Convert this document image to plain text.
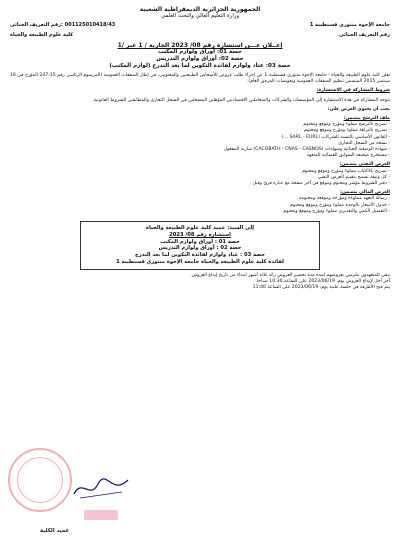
الجمهورية الجزائرية الديمقراطية الشعبية
وزارة التعليم العالي والبحث العلمي
جامعة الإخوة منتوري قسنطينة 1
001125010418/43 :رقم التعريف الجبائي
رقم التعريف الجبائي
كلية علوم الطبيعة والحياة
إعــلان عـــن استشارة رقم 08/ 2023 الجارية / 1 عبر /1
حصة 01: أوراق ولوازم المكتب
حصة 02: أوراق ولوازم التدريس
حصة 03: عتاد ولوازم لفائدة التكوين لما بعد التدرج (لوازم المكتب)

تعلن كلية علوم الطبيعة والحياة - جامعة الإخوة منتوري قسنطينة 1 عن إجراء طلب عروض للأشخاص الطبيعيين والمعنويين، في إطار الصفقات العمومية (المرسوم الرئاسي رقم 15-247 المؤرخ في 16 سبتمبر 2015 المتضمن تنظيم الصفقات العمومية وتفويضات المرفق العام).

شروط المشاركة في الاستشارة:

تتوجه المشاركة في هذه الاستشارة إلى المؤسسات والشركات والمتعاملين الاقتصاديين المؤهلين المسجلين في السجل التجاري والمطابقين للشروط القانونية.

يجب أن يحتوي العرض على:
ملف الترشح يتضمن:

- تصريح بالترشح مملوء ومؤرخ وموقع ومختوم

- تصريح بالنزاهة مملوء ومؤرخ وموقع ومختوم

- القانون الأساسي بالنسبة للشركات (SARL - EURL ...)

- نسخة من السجل التجاري

- شهادة الوضعية الجبائية وشهادات (CACOBATH - CNAS - CASNOS) سارية المفعول

- مستخرج صحيفة السوابق القضائية للمتعهد

العرض التقني يتضمن:

- تصريح بالاكتتاب مملوء ومؤرخ وموقع ومختوم

- كل وثيقة تسمح بتقييم العرض التقني

- دفتر الشروط مؤشر ومختوم وموقع في آخر صفحة مع عبارة قرئ وقبل

العرض المالي يتضمن:

- رسالة التعهد مملوءة ومؤرخة وموقعة ومختومة

- جدول الأسعار بالوحدة مملوء ومؤرخ وموقع ومختوم

- التفصيل الكمي والتقديري مملوء ومؤرخ وموقع ومختوم

إلى السيد: عميد كلية علوم الطبيعة والحياة
استشارة رقم 08/ 2023
حصة 01 : أوراق ولوازم المكتب
حصة 02 : أوراق ولوازم التدريس
حصة 03 : عتاد ولوازم لفائدة التكوين لما بعد التدرج
لفائدة كلية علوم الطبيعة والحياة جامعة الإخوة منتوري قسنطينة 1

يبقى المتعهدون ملزمين بعروضهم لمدة مدة تحضير العروض زائد ثلاثة أشهر ابتداء من تاريخ إيداع العروض.

آخر أجل لإيداع العروض يوم: 2023/06/19 على الساعة 10:30 صباحا

يتم فتح الأظرفة في جلسة علنية يوم: 2023/06/19 على الساعة 11:00

عميد الكلية
